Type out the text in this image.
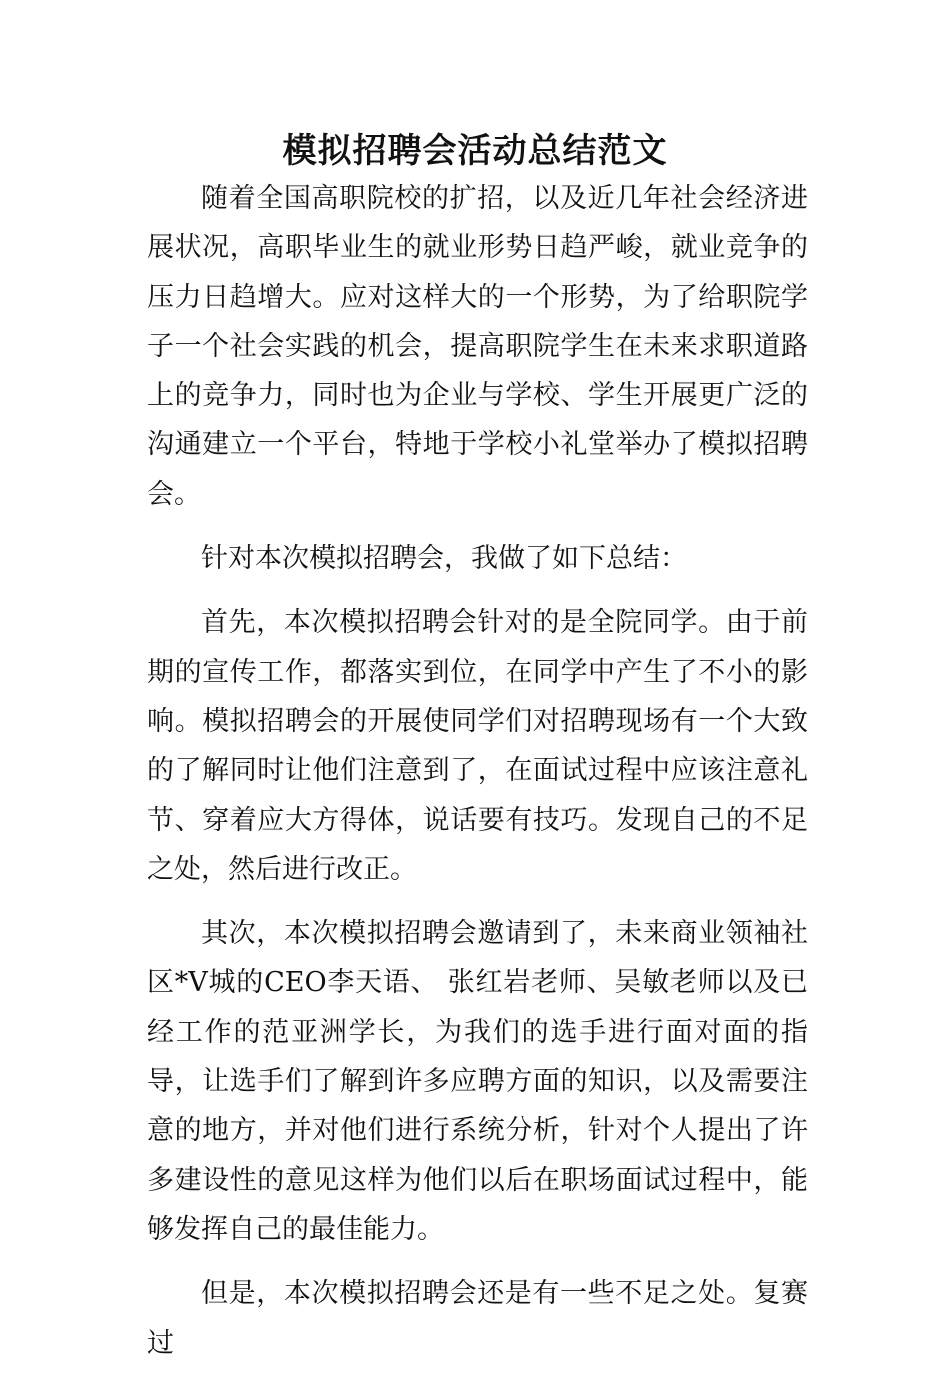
模拟招聘会活动总结范文

随着全国高职院校的扩招，以及近几年社会经济进展状况，高职毕业生的就业形势日趋严峻，就业竞争的压力日趋增大。应对这样大的一个形势，为了给职院学子一个社会实践的机会，提高职院学生在未来求职道路上的竞争力，同时也为企业与学校、学生开展更广泛的沟通建立一个平台，特地于学校小礼堂举办了模拟招聘会。

针对本次模拟招聘会，我做了如下总结：

首先，本次模拟招聘会针对的是全院同学。由于前期的宣传工作，都落实到位，在同学中产生了不小的影响。模拟招聘会的开展使同学们对招聘现场有一个大致的了解同时让他们注意到了，在面试过程中应该注意礼节、穿着应大方得体，说话要有技巧。发现自己的不足之处，然后进行改正。

其次，本次模拟招聘会邀请到了，未来商业领袖社区*V城的CEO李天语、 张红岩老师、吴敏老师以及已经工作的范亚洲学长，为我们的选手进行面对面的指导，让选手们了解到许多应聘方面的知识，以及需要注意的地方，并对他们进行系统分析，针对个人提出了许多建设性的意见这样为他们以后在职场面试过程中，能够发挥自己的最佳能力。

但是，本次模拟招聘会还是有一些不足之处。复赛过
